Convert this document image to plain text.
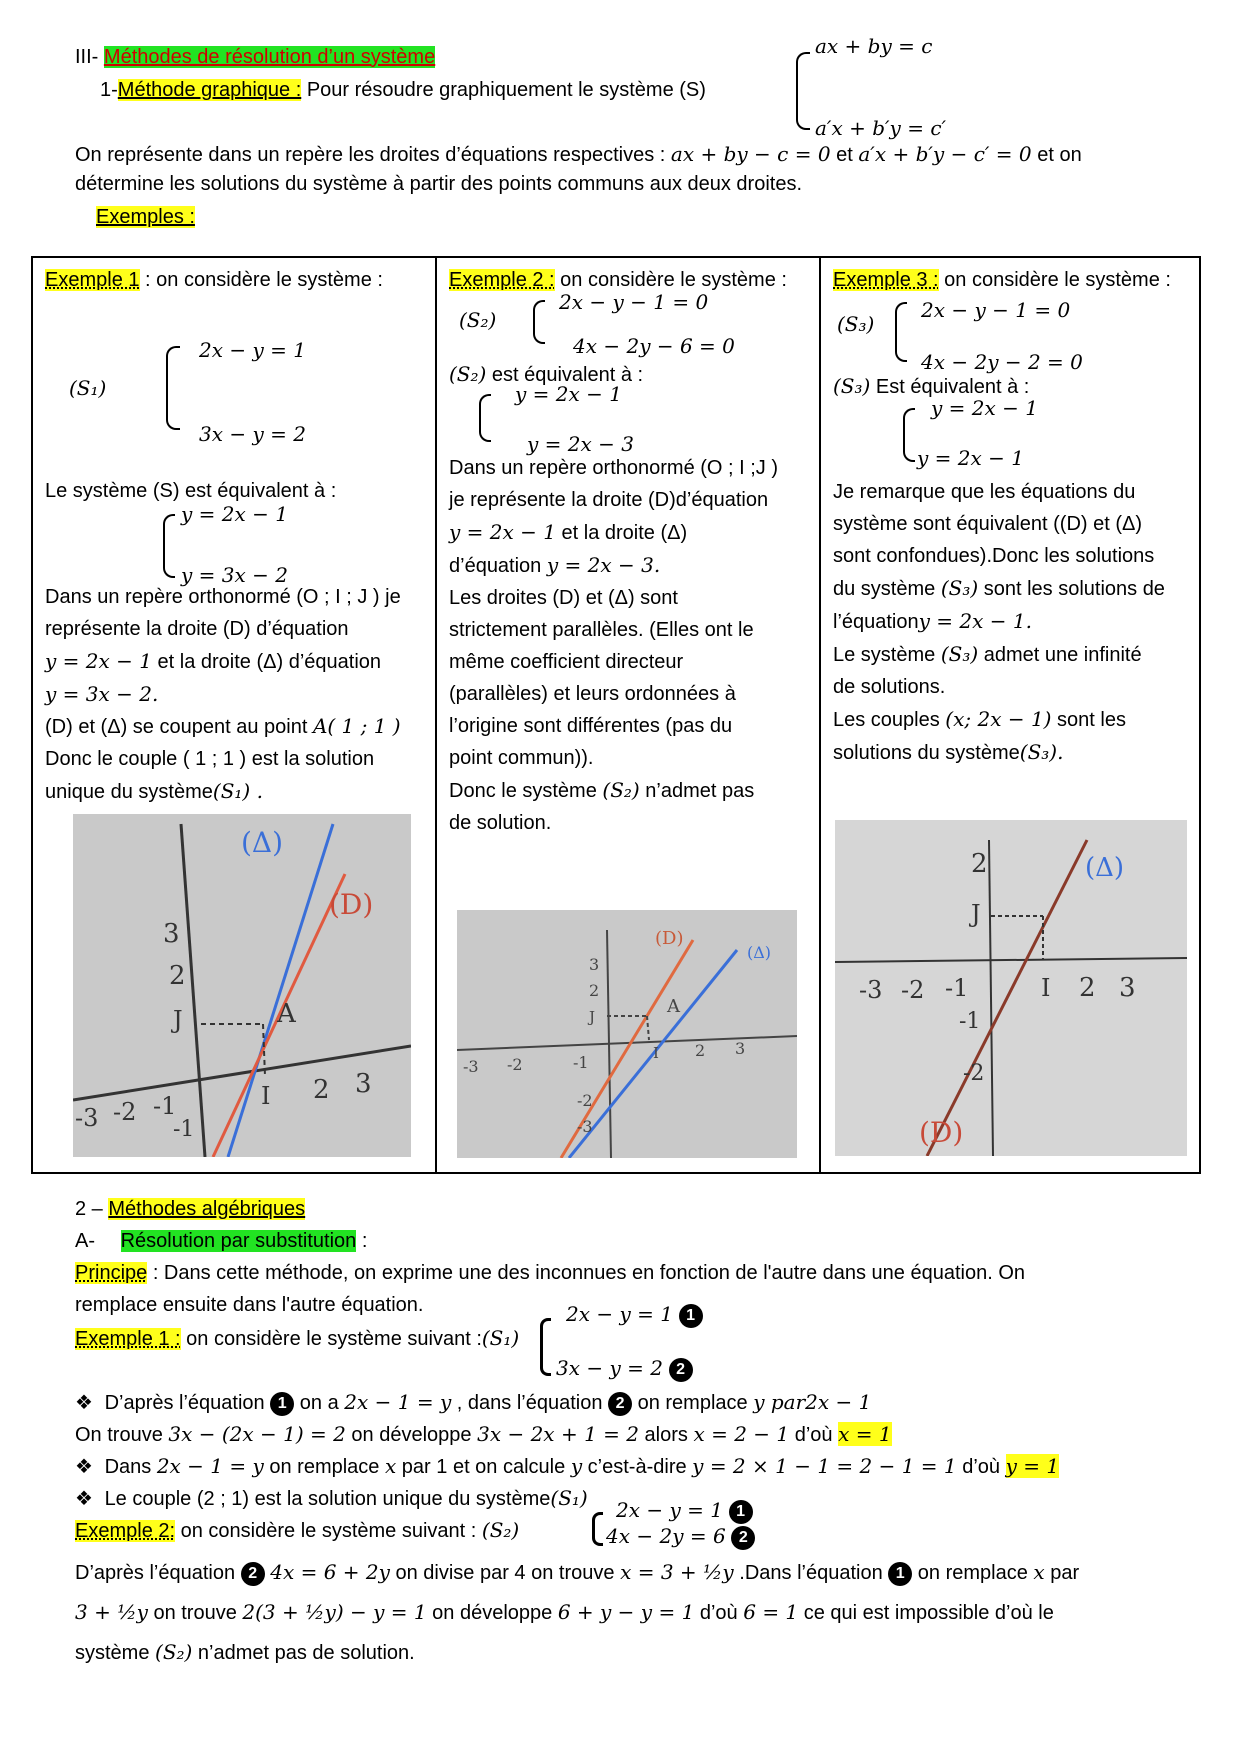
III- Méthodes de résolution d’un système
1-Méthode graphique : Pour résoudre graphiquement le système (S)
ax + by = c
a′x + b′y = c′
On représente dans un repère les droites d’équations respectives : ax + by − c = 0 et a′x + b′y − c′ = 0 et on
détermine les solutions du système à partir des points communs aux deux droites.
Exemples :
Exemple 1 : on considère le système :
(S₁)
2x − y = 1
3x − y = 2
Le système (S) est équivalent à :
y = 2x − 1
y = 3x − 2
Dans un repère orthonormé (O ; I ; J ) je
représente la droite (D) d’équation
y = 2x − 1 et la droite (Δ) d’équation
y = 3x − 2.
(D) et (Δ) se coupent au point A( 1 ; 1 )
Donc le couple ( 1 ; 1 ) est la solution
unique du système(S₁) .
(Δ)
(D)
A
J
3
2
-3 -2 -1	I 2 3
-1

Exemple 2 : on considère le système :
(S₂)
2x − y − 1 = 0
4x − 2y − 6 = 0
(S₂) est équivalent à :
y = 2x − 1
y = 2x − 3
Dans un repère orthonormé (O ; I ;J )
je représente la droite (D)d’équation
y = 2x − 1 et la droite (Δ)
d’équation y = 2x − 3.
Les droites (D) et (Δ) sont
strictement parallèles. (Elles ont le
même coefficient directeur
(parallèles) et leurs ordonnées à
l’origine sont différentes (pas du
point commun)).
Donc le système (S₂) n’admet pas
de solution.
(D)
(Δ)
A
3
2
J
-3 -2	-1	I 2 3
-2
-3

Exemple 3 : on considère le système :
(S₃)
2x − y − 1 = 0
4x − 2y − 2 = 0
(S₃) Est équivalent à :
y = 2x − 1
y = 2x − 1
Je remarque que les équations du
système sont équivalent ((D) et (Δ)
sont confondues).Donc les solutions
du système (S₃) sont les solutions de
l’équationy = 2x − 1.
Le système (S₃) admet une infinité
de solutions.
Les couples (x; 2x − 1) sont les
solutions du système(S₃).
2
J
(Δ)
-3 -2 -1	I 2 3
-1
-2
(D)
2 – Méthodes algébriques
A- Résolution par substitution :
Principe : Dans cette méthode, on exprime une des inconnues en fonction de l'autre dans une équation. On
remplace ensuite dans l'autre équation.
Exemple 1 : on considère le système suivant :(S₁)
2x − y = 1 1
3x − y = 2 2
❖ D’après l’équation 1 on a 2x − 1 = y , dans l’équation 2 on remplace y par2x − 1
On trouve 3x − (2x − 1) = 2 on développe 3x − 2x + 1 = 2 alors x = 2 − 1 d’où x = 1
❖ Dans 2x − 1 = y on remplace x par 1 et on calcule y c’est-à-dire y = 2 × 1 − 1 = 2 − 1 = 1 d’où y = 1
❖ Le couple (2 ; 1) est la solution unique du système(S₁)
Exemple 2: on considère le système suivant : (S₂)
2x − y = 1 1
4x − 2y = 6 2
D’après l’équation 2 4x = 6 + 2y on divise par 4 on trouve x = 3 + ½y .Dans l’équation 1 on remplace x par
3 + ½y on trouve 2(3 + ½y) − y = 1 on développe 6 + y − y = 1 d’où 6 = 1 ce qui est impossible d’où le
système (S₂) n’admet pas de solution.
